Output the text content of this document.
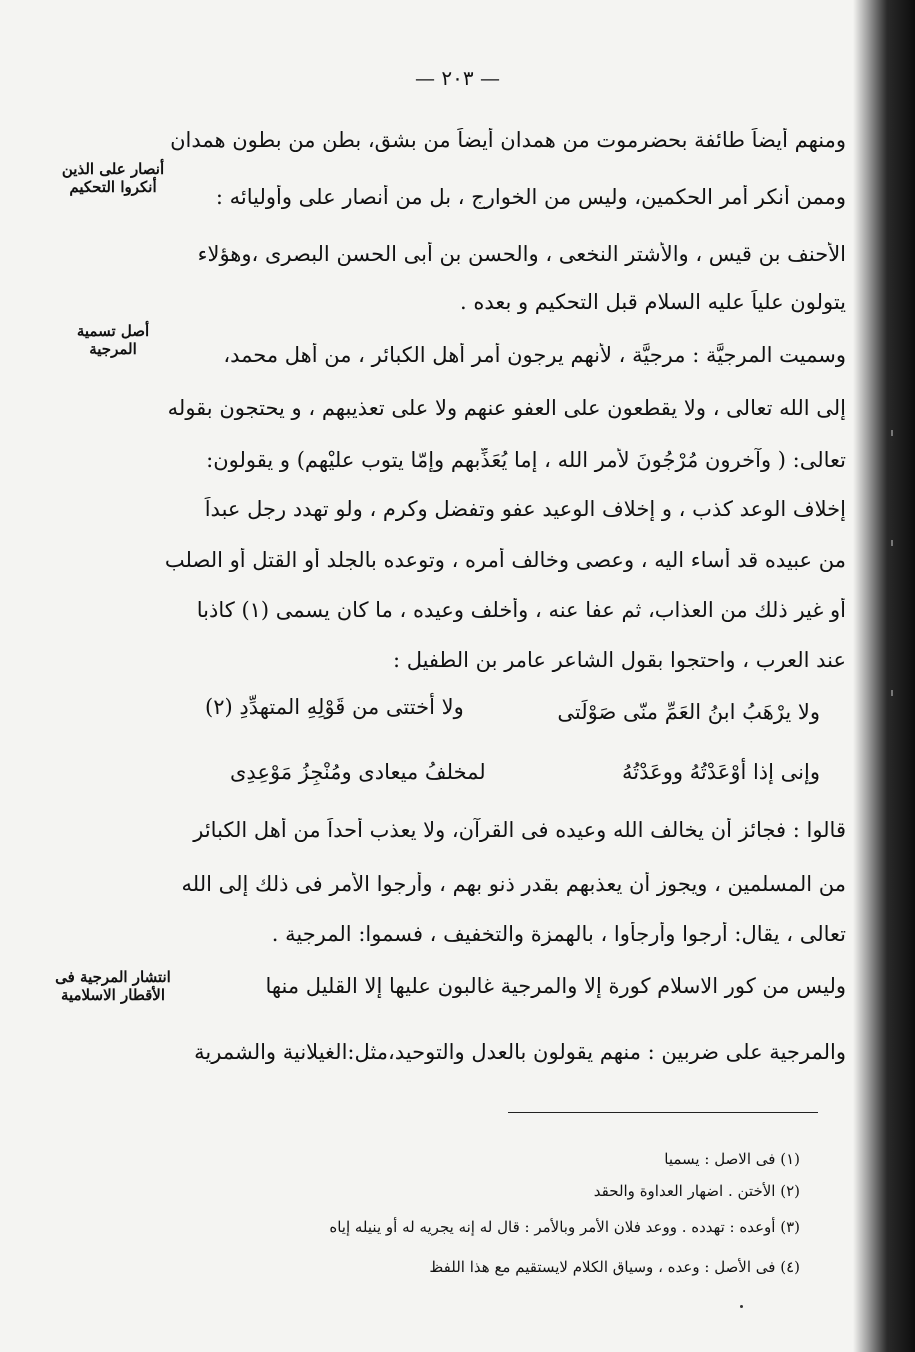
— ٢٠٣ —
أنصار على الذين أنكروا التحكيم
أصل تسمية المرجية
انتشار المرجية فى الأقطار الاسلامية
ومنهم أيضاً طائفة بحضرموت من همدان أيضاً من بشق، بطن من بطون همدان
وممن أنكر أمر الحكمين، وليس من الخوارج ، بل من أنصار على وأوليائه :
الأحنف بن قيس ، والأشتر النخعى ، والحسن بن أبى الحسن البصرى ،وهؤلاء
يتولون علياً عليه السلام قبل التحكيم و بعده .
وسميت المرجيَّة : مرجيَّة ، لأنهم يرجون أمر أهل الكبائر ، من أهل محمد،
إلى الله تعالى ، ولا يقطعون على العفو عنهم ولا على تعذيبهم ، و يحتجون بقوله
تعالى: ( وآخرون مُرْجُونَ لأمر الله ، إما يُعَذِّبهم وإمّا يتوب عليْهم) و يقولون:
إخلاف الوعد كذب ، و إخلاف الوعيد عفو وتفضل وكرم ، ولو تهدد رجل عبداً
من عبيده قد أساء اليه ، وعصى وخالف أمره ، وتوعده بالجلد أو القتل أو الصلب
أو غير ذلك من العذاب، ثم عفا عنه ، وأخلف وعيده ، ما كان يسمى (١) كاذبا
عند العرب ، واحتجوا بقول الشاعر عامر بن الطفيل :
قالوا : فجائز أن يخالف الله وعيده فى القرآن، ولا يعذب أحداً من أهل الكبائر
من المسلمين ، ويجوز أن يعذبهم بقدر ذنو بهم ، وأرجوا الأمر فى ذلك إلى الله
تعالى ، يقال: أرجوا وأرجأوا ، بالهمزة والتخفيف ، فسموا: المرجية .
وليس من كور الاسلام كورة إلا والمرجية غالبون عليها إلا القليل منها
والمرجية على ضربين : منهم يقولون بالعدل والتوحيد،مثل:الغيلانية والشمرية
ولا يرْهَبُ ابنُ العَمِّ منّى صَوْلَتى
ولا أختتى من قَوْلِهِ المتهدِّدِ (٢)
وإنى إذا أوْعَدْتُهُ ووعَدْتُهُ
لمخلفُ ميعادى ومُنْجِزُ مَوْعِدِى
(١) فى الاصل : يسميا
(٢) الأختن . اضهار العداوة والحقد
(٣) أوعده : تهدده . ووعد فلان الأمر وبالأمر : قال له إنه يجريه له أو ينيله إياه
(٤) فى الأصل : وعده ، وسياق الكلام لايستقيم مع هذا اللفظ
